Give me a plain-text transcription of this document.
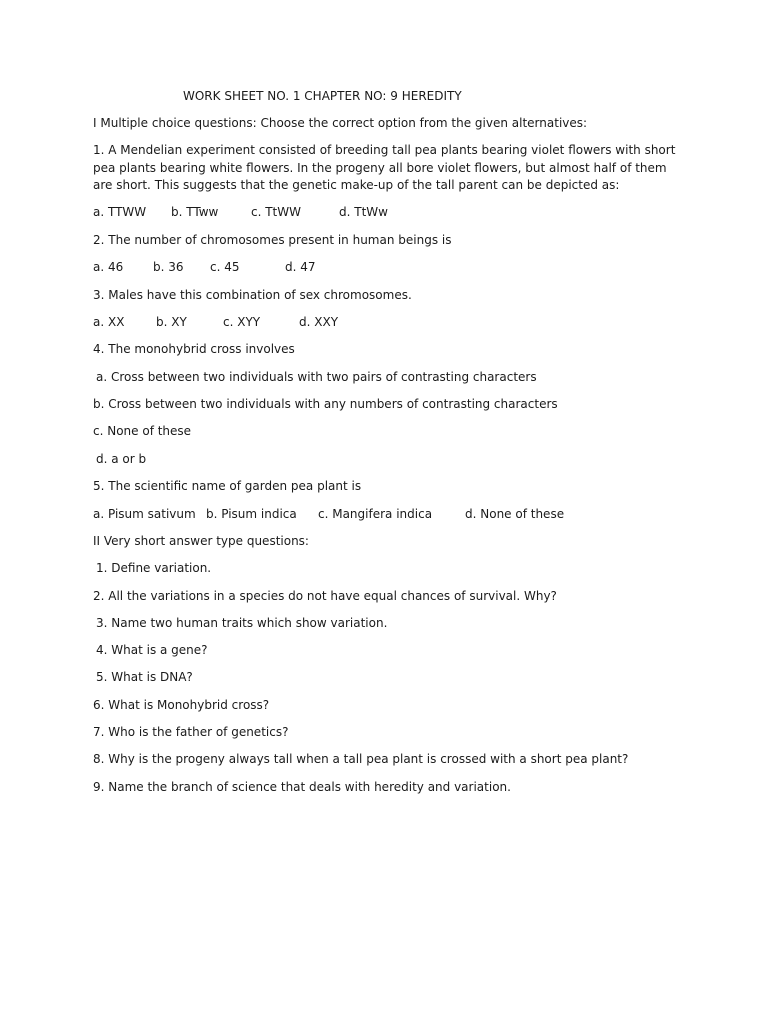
WORK SHEET NO. 1 CHAPTER NO: 9 HEREDITY
I Multiple choice questions: Choose the correct option from the given alternatives:
1. A Mendelian experiment consisted of breeding tall pea plants bearing violet flowers with short pea plants bearing white flowers. In the progeny all bore violet flowers, but almost half of them are short. This suggests that the genetic make-up of the tall parent can be depicted as:
a. TTWW b. TTww	c. TtWW	d. TtWw
2. The number of chromosomes present in human beings is
a. 46 b. 36 c. 45	d. 47
3. Males have this combination of sex chromosomes.
a. XX	b. XY	c. XYY	d. XXY
4. The monohybrid cross involves
a. Cross between two individuals with two pairs of contrasting characters
b. Cross between two individuals with any numbers of contrasting characters
c. None of these
d. a or b
5. The scientific name of garden pea plant is
a. Pisum sativum b. Pisum indica c. Mangifera indica	d. None of these
II Very short answer type questions:
1. Define variation.
2. All the variations in a species do not have equal chances of survival. Why?
3. Name two human traits which show variation.
4. What is a gene?
5. What is DNA?
6. What is Monohybrid cross?
7. Who is the father of genetics?
8. Why is the progeny always tall when a tall pea plant is crossed with a short pea plant?
9. Name the branch of science that deals with heredity and variation.
